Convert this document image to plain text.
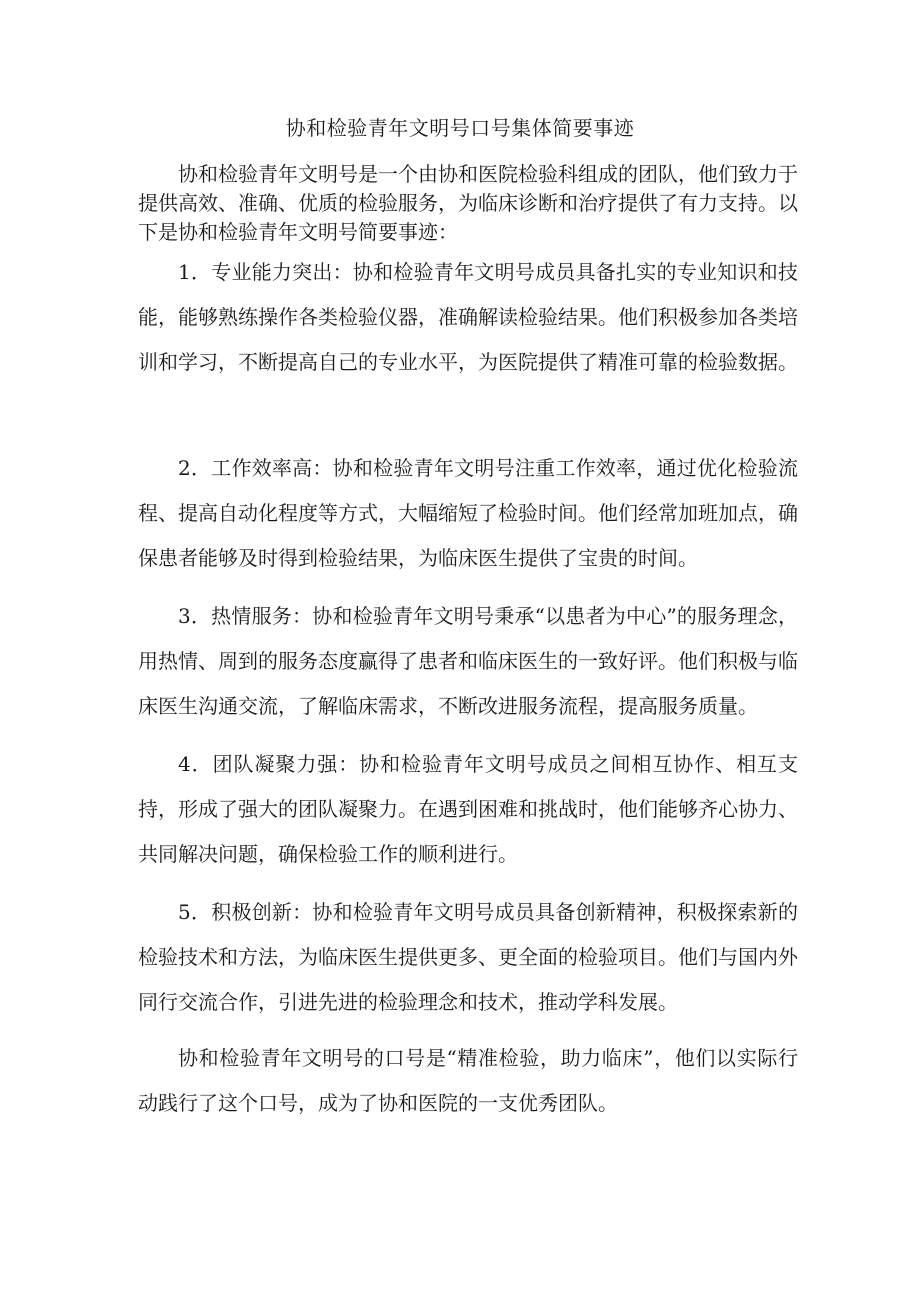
协和检验青年文明号口号集体简要事迹

协和检验青年文明号是一个由协和医院检验科组成的团队，他们致力于提供高效、准确、优质的检验服务，为临床诊断和治疗提供了有力支持。以下是协和检验青年文明号简要事迹：

1．专业能力突出：协和检验青年文明号成员具备扎实的专业知识和技能，能够熟练操作各类检验仪器，准确解读检验结果。他们积极参加各类培训和学习，不断提高自己的专业水平，为医院提供了精准可靠的检验数据。

2．工作效率高：协和检验青年文明号注重工作效率，通过优化检验流程、提高自动化程度等方式，大幅缩短了检验时间。他们经常加班加点，确保患者能够及时得到检验结果，为临床医生提供了宝贵的时间。

3．热情服务：协和检验青年文明号秉承“以患者为中心”的服务理念，用热情、周到的服务态度赢得了患者和临床医生的一致好评。他们积极与临床医生沟通交流，了解临床需求，不断改进服务流程，提高服务质量。

4．团队凝聚力强：协和检验青年文明号成员之间相互协作、相互支持，形成了强大的团队凝聚力。在遇到困难和挑战时，他们能够齐心协力、共同解决问题，确保检验工作的顺利进行。

5．积极创新：协和检验青年文明号成员具备创新精神，积极探索新的检验技术和方法，为临床医生提供更多、更全面的检验项目。他们与国内外同行交流合作，引进先进的检验理念和技术，推动学科发展。

协和检验青年文明号的口号是“精准检验，助力临床”，他们以实际行动践行了这个口号，成为了协和医院的一支优秀团队。
